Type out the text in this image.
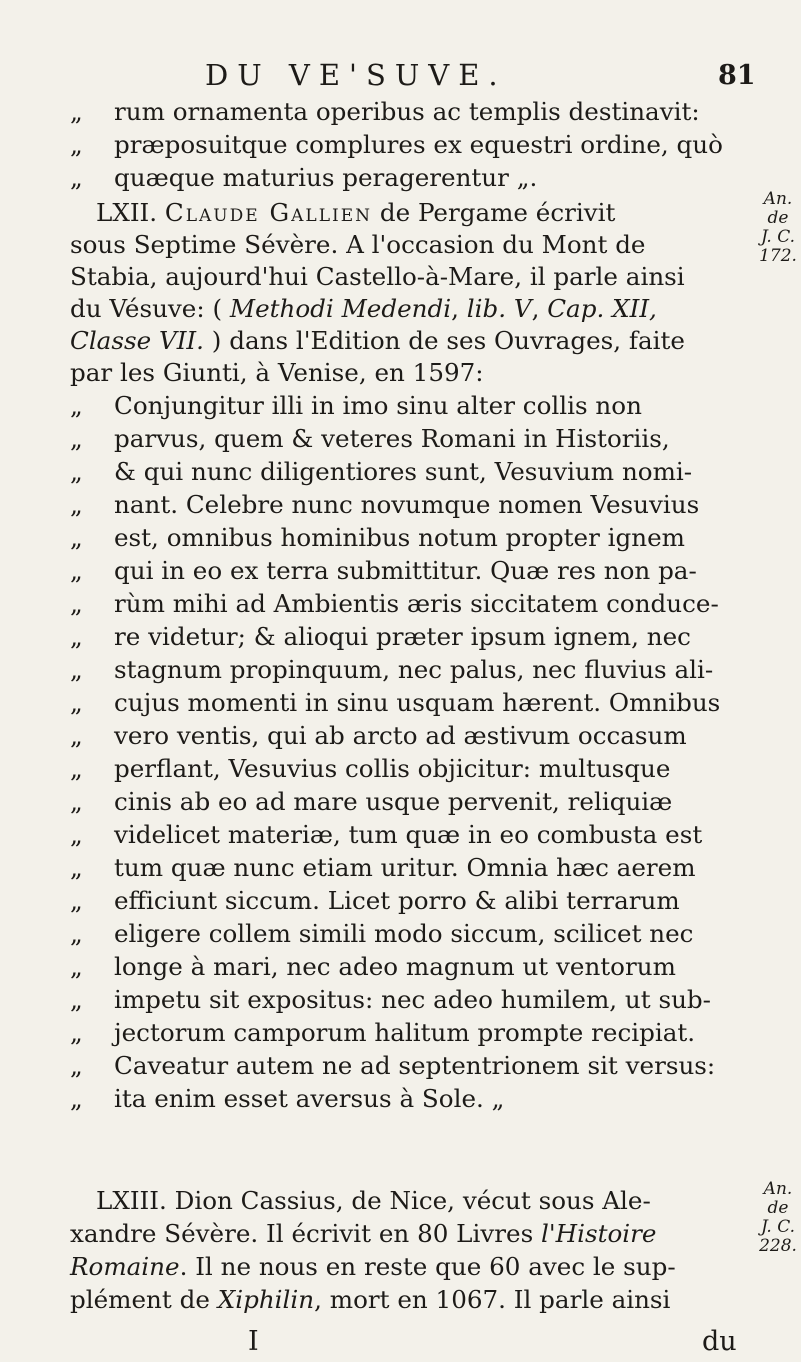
DU VE'SUVE.	81
„ rum ornamenta operibus ac templis destinavit:
„ præposuitque complures ex equestri ordine, quò
„ quæque maturius peragerentur „.
LXII. Claude Gallien de Pergame écrivit
sous Septime Sévère. A l'occasion du Mont de
Stabia, aujourd'hui Castello-à-Mare, il parle ainsi
du Vésuve: ( Methodi Medendi, lib. V, Cap. XII,
Classe VII. ) dans l'Edition de ses Ouvrages, faite
par les Giunti, à Venise, en 1597:
„ Conjungitur illi in imo sinu alter collis non
„ parvus, quem & veteres Romani in Historiis,
„ & qui nunc diligentiores sunt, Vesuvium nomi-
„ nant. Celebre nunc novumque nomen Vesuvius
„ est, omnibus hominibus notum propter ignem
„ qui in eo ex terra submittitur. Quæ res non pa-
„ rùm mihi ad Ambientis æris siccitatem conduce-
„ re videtur; & alioqui præter ipsum ignem, nec
„ stagnum propinquum, nec palus, nec fluvius ali-
„ cujus momenti in sinu usquam hærent. Omnibus
„ vero ventis, qui ab arcto ad æstivum occasum
„ perflant, Vesuvius collis objicitur: multusque
„ cinis ab eo ad mare usque pervenit, reliquiæ
„ videlicet materiæ, tum quæ in eo combusta est
„ tum quæ nunc etiam uritur. Omnia hæc aerem
„ efficiunt siccum. Licet porro & alibi terrarum
„ eligere collem simili modo siccum, scilicet nec
„ longe à mari, nec adeo magnum ut ventorum
„ impetu sit expositus: nec adeo humilem, ut sub-
„ jectorum camporum halitum prompte recipiat.
„ Caveatur autem ne ad septentrionem sit versus:
„ ita enim esset aversus à Sole. „
LXIII. Dion Cassius, de Nice, vécut sous Ale-
xandre Sévère. Il écrivit en 80 Livres l'Histoire
Romaine. Il ne nous en reste que 60 avec le sup-
plément de Xiphilin, mort en 1067. Il parle ainsi
An. de
J. C.
172.
An. de
J. C.
228.
I	du
